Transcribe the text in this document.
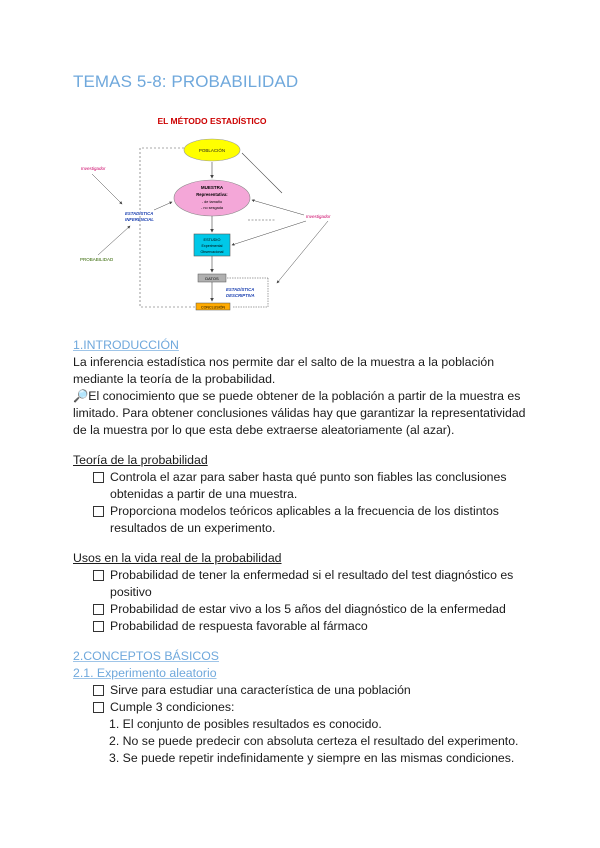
TEMAS 5-8: PROBABILIDAD
EL MÉTODO ESTADÍSTICO
POBLACIÓN
MUESTRA
Representativa:
- de tamaño
- no sesgada
ESTUDIO
Experimental
Observacional
DATOS
CONCLUSIÓN
Investigador
ESTADÍSTICA
INFERENCIAL
PROBABILIDAD
Investigador
ESTADÍSTICA
DESCRIPTIVA

1.INTRODUCCIÓN

La inferencia estadística nos permite dar el salto de la muestra a la población

mediante la teoría de la probabilidad.

🔎El conocimiento que se puede obtener de la población a partir de la muestra es

limitado. Para obtener conclusiones válidas hay que garantizar la representatividad

de la muestra por lo que esta debe extraerse aleatoriamente (al azar).

Teoría de la probabilidad

Controla el azar para saber hasta qué punto son fiables las conclusiones
obtenidas a partir de una muestra.
Proporciona modelos teóricos aplicables a la frecuencia de los distintos
resultados de un experimento.

Usos en la vida real de la probabilidad

Probabilidad de tener la enfermedad si el resultado del test diagnóstico es
positivo
Probabilidad de estar vivo a los 5 años del diagnóstico de la enfermedad
Probabilidad de respuesta favorable al fármaco

2.CONCEPTOS BÁSICOS

2.1. Experimento aleatorio

Sirve para estudiar una característica de una población
Cumple 3 condiciones:
1. El conjunto de posibles resultados es conocido.
2. No se puede predecir con absoluta certeza el resultado del experimento.
3. Se puede repetir indefinidamente y siempre en las mismas condiciones.
